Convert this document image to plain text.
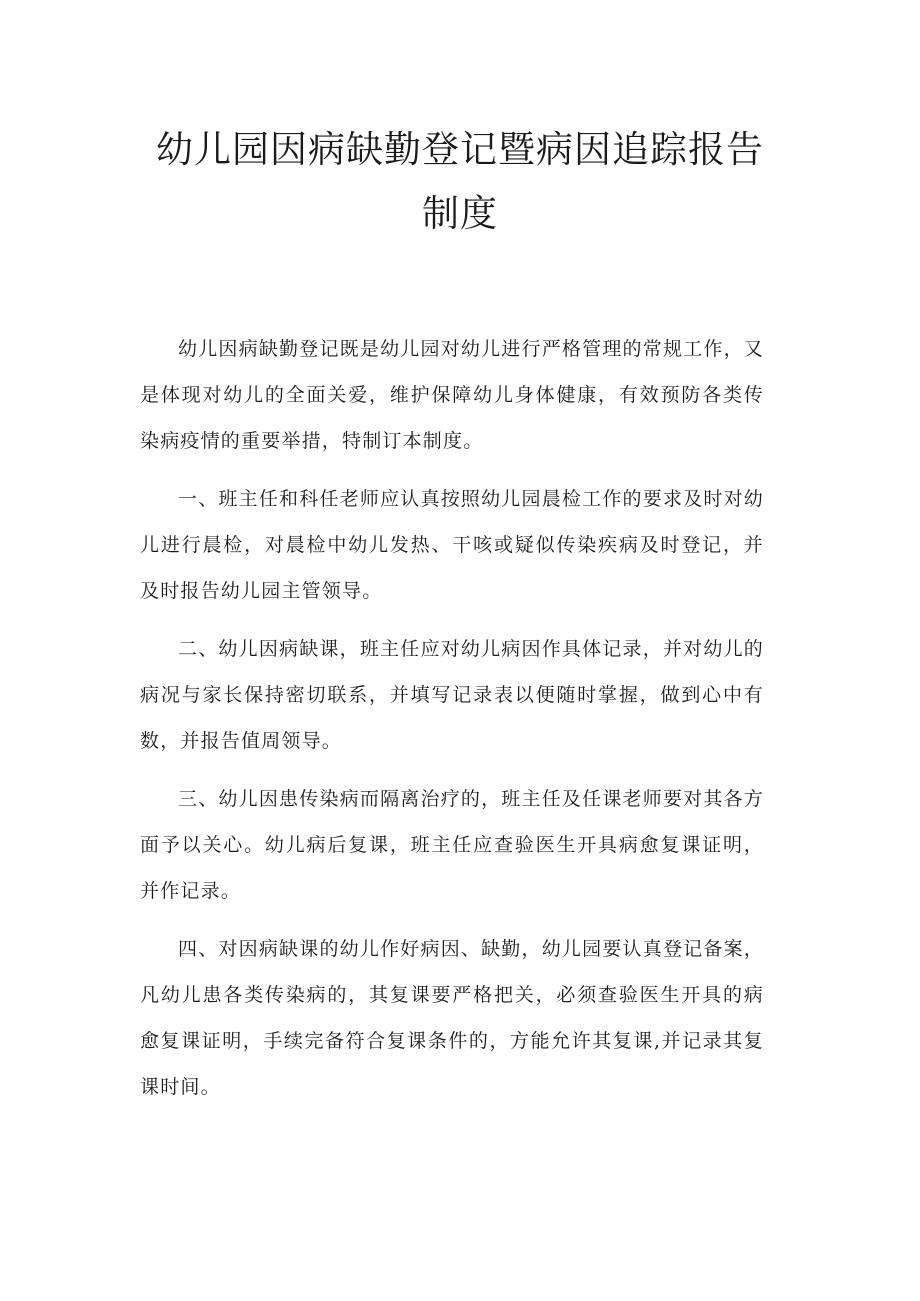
幼儿园因病缺勤登记暨病因追踪报告
制度

幼儿因病缺勤登记既是幼儿园对幼儿进行严格管理的常规工作，又是体现对幼儿的全面关爱，维护保障幼儿身体健康，有效预防各类传染病疫情的重要举措，特制订本制度。

一、班主任和科任老师应认真按照幼儿园晨检工作的要求及时对幼儿进行晨检，对晨检中幼儿发热、干咳或疑似传染疾病及时登记，并及时报告幼儿园主管领导。

二、幼儿因病缺课，班主任应对幼儿病因作具体记录，并对幼儿的病况与家长保持密切联系，并填写记录表以便随时掌握，做到心中有数，并报告值周领导。

三、幼儿因患传染病而隔离治疗的，班主任及任课老师要对其各方面予以关心。幼儿病后复课，班主任应查验医生开具病愈复课证明，并作记录。

四、对因病缺课的幼儿作好病因、缺勤，幼儿园要认真登记备案，凡幼儿患各类传染病的，其复课要严格把关，必须查验医生开具的病愈复课证明，手续完备符合复课条件的，方能允许其复课,并记录其复课时间。
